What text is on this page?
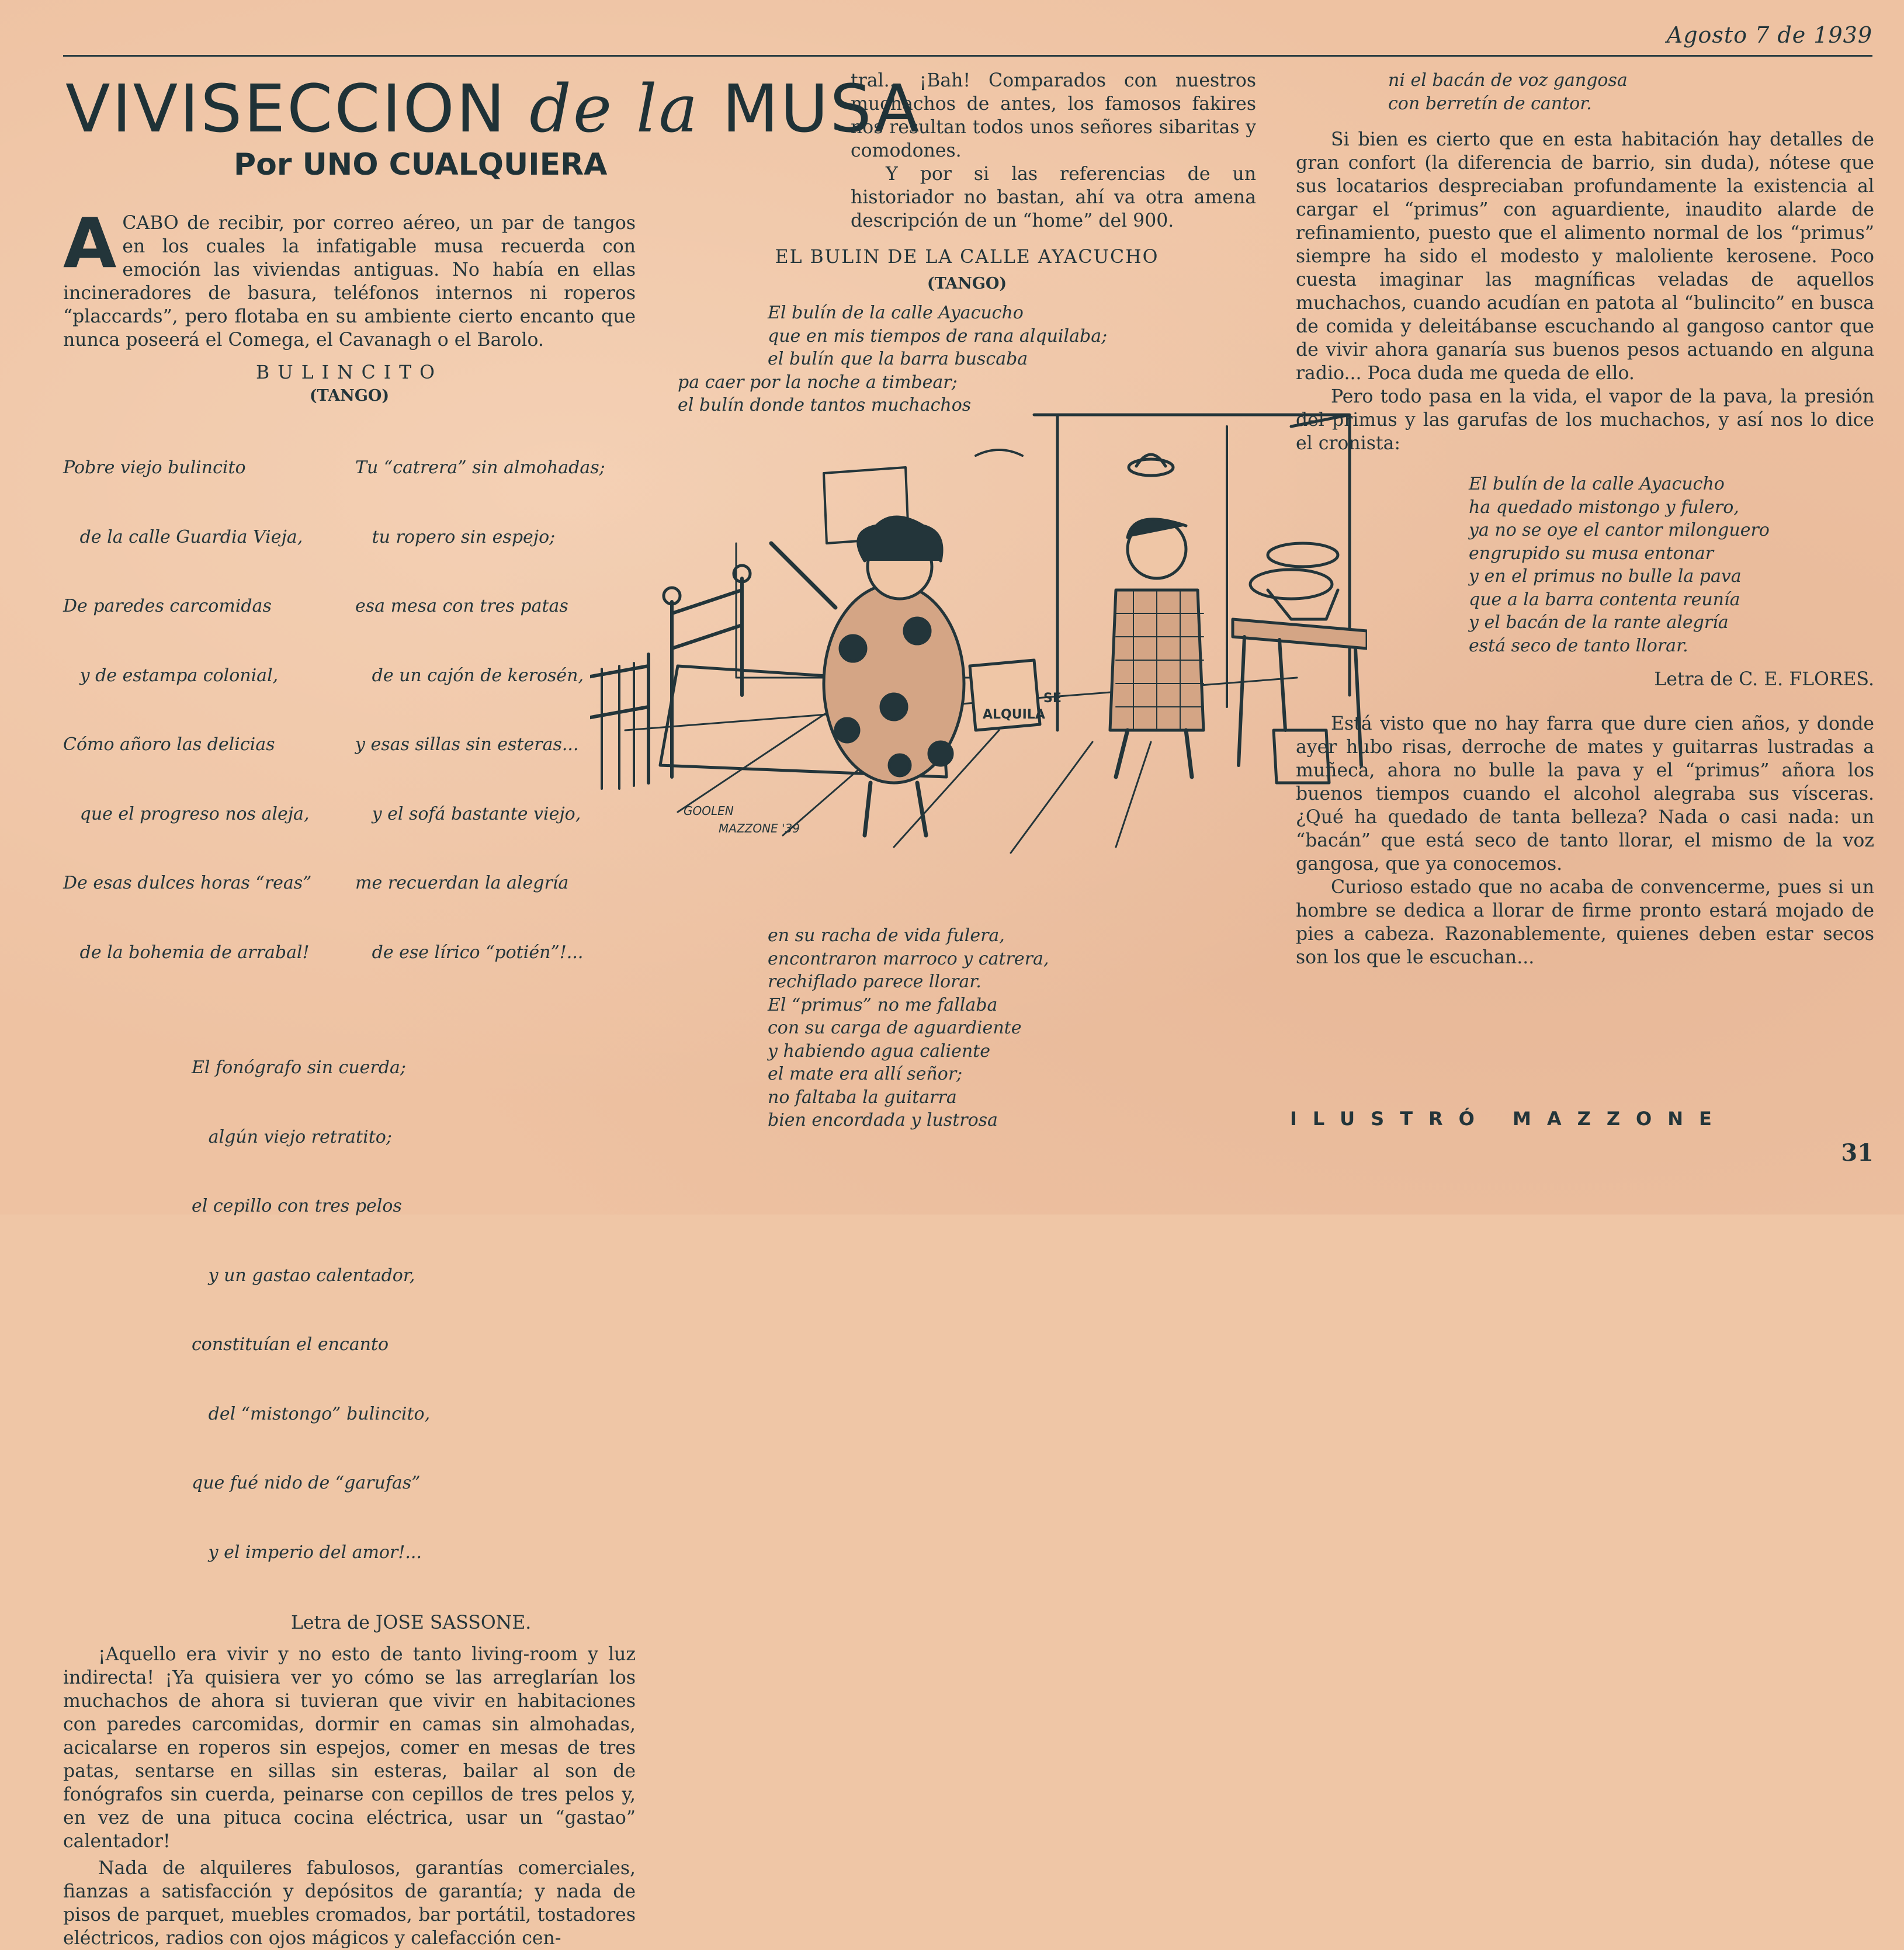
Agosto 7 de 1939
VIVISECCION de la MUSA
Por UNO CUALQUIERA

ACABO de recibir, por correo aéreo, un par de tangos en los cuales la infatigable musa recuerda con emoción las viviendas antiguas. No había en ellas incineradores de basura, teléfonos internos ni roperos “placcards”, pero flotaba en su ambiente cierto encanto que nunca poseerá el Comega, el Cavanagh o el Barolo.

BULINCITO
(TANGO)

Pobre viejo bulincito

de la calle Guardia Vieja,

De paredes carcomidas

y de estampa colonial,

Cómo añoro las delicias

que el progreso nos aleja,

De esas dulces horas “reas”

de la bohemia de arrabal!

Tu “catrera” sin almohadas;

tu ropero sin espejo;

esa mesa con tres patas

de un cajón de kerosén,

y esas sillas sin esteras...

y el sofá bastante viejo,

me recuerdan la alegría

de ese lírico “potién”!...

El fonógrafo sin cuerda;

algún viejo retratito;

el cepillo con tres pelos

y un gastao calentador,

constituían el encanto

del “mistongo” bulincito,

que fué nido de “garufas”

y el imperio del amor!...

Letra de JOSE SASSONE.

¡Aquello era vivir y no esto de tanto living-room y luz indirecta! ¡Ya quisiera ver yo cómo se las arreglarían los muchachos de ahora si tuvieran que vivir en habitaciones con paredes carcomidas, dormir en camas sin almohadas, acicalarse en roperos sin espejos, comer en mesas de tres patas, sentarse en sillas sin esteras, bailar al son de fonógrafos sin cuerda, peinarse con cepillos de tres pelos y, en vez de una pituca cocina eléctrica, usar un “gastao” calentador!

Nada de alquileres fabulosos, garantías comerciales, fianzas a satisfacción y depósitos de garantía; y nada de pisos de parquet, muebles cromados, bar portátil, tostadores eléctricos, radios con ojos mágicos y calefacción cen-

tral... ¡Bah! Comparados con nuestros muchachos de antes, los famosos fakires nos resultan todos unos señores sibaritas y comodones.

Y por si las referencias de un historiador no bastan, ahí va otra amena descripción de un “home” del 900.

EL BULIN DE LA CALLE AYACUCHO
(TANGO)
El bulín de la calle Ayacucho
que en mis tiempos de rana alquilaba;
el bulín que la barra buscaba
pa caer por la noche a timbear;
el bulín donde tantos muchachos
en su racha de vida fulera,
encontraron marroco y catrera,
rechiflado parece llorar.
El “primus” no me fallaba
con su carga de aguardiente
y habiendo agua caliente
el mate era allí señor;
no faltaba la guitarra
bien encordada y lustrosa
ni el bacán de voz gangosa
con berretín de cantor.

Si bien es cierto que en esta habitación hay detalles de gran confort (la diferencia de barrio, sin duda), nótese que sus locatarios despreciaban profundamente la existencia al cargar el “primus” con aguardiente, inaudito alarde de refinamiento, puesto que el alimento normal de los “primus” siempre ha sido el modesto y maloliente kerosene. Poco cuesta imaginar las magníficas veladas de aquellos muchachos, cuando acudían en patota al “bulincito” en busca de comida y deleitábanse escuchando al gangoso cantor que de vivir ahora ganaría sus buenos pesos actuando en alguna radio... Poca duda me queda de ello.

Pero todo pasa en la vida, el vapor de la pava, la presión del primus y las garufas de los muchachos, y así nos lo dice el cronista:

El bulín de la calle Ayacucho
ha quedado mistongo y fulero,
ya no se oye el cantor milonguero
engrupido su musa entonar
y en el primus no bulle la pava
que a la barra contenta reunía
y el bacán de la rante alegría
está seco de tanto llorar.
Letra de C. E. FLORES.

Está visto que no hay farra que dure cien años, y donde ayer hubo risas, derroche de mates y guitarras lustradas a muñeca, ahora no bulle la pava y el “primus” añora los buenos tiempos cuando el alcohol alegraba sus vísceras. ¿Qué ha quedado de tanta belleza? Nada o casi nada: un “bacán” que está seco de tanto llorar, el mismo de la voz gangosa, que ya conocemos.

Curioso estado que no acaba de convencerme, pues si un hombre se dedica a llorar de firme pronto estará mojado de pies a cabeza. Razonablemente, quienes deben estar secos son los que le escuchan...

SE
ALQUILA
GOOLEN
MAZZONE '39
ILUSTRÓ MAZZONE
31
